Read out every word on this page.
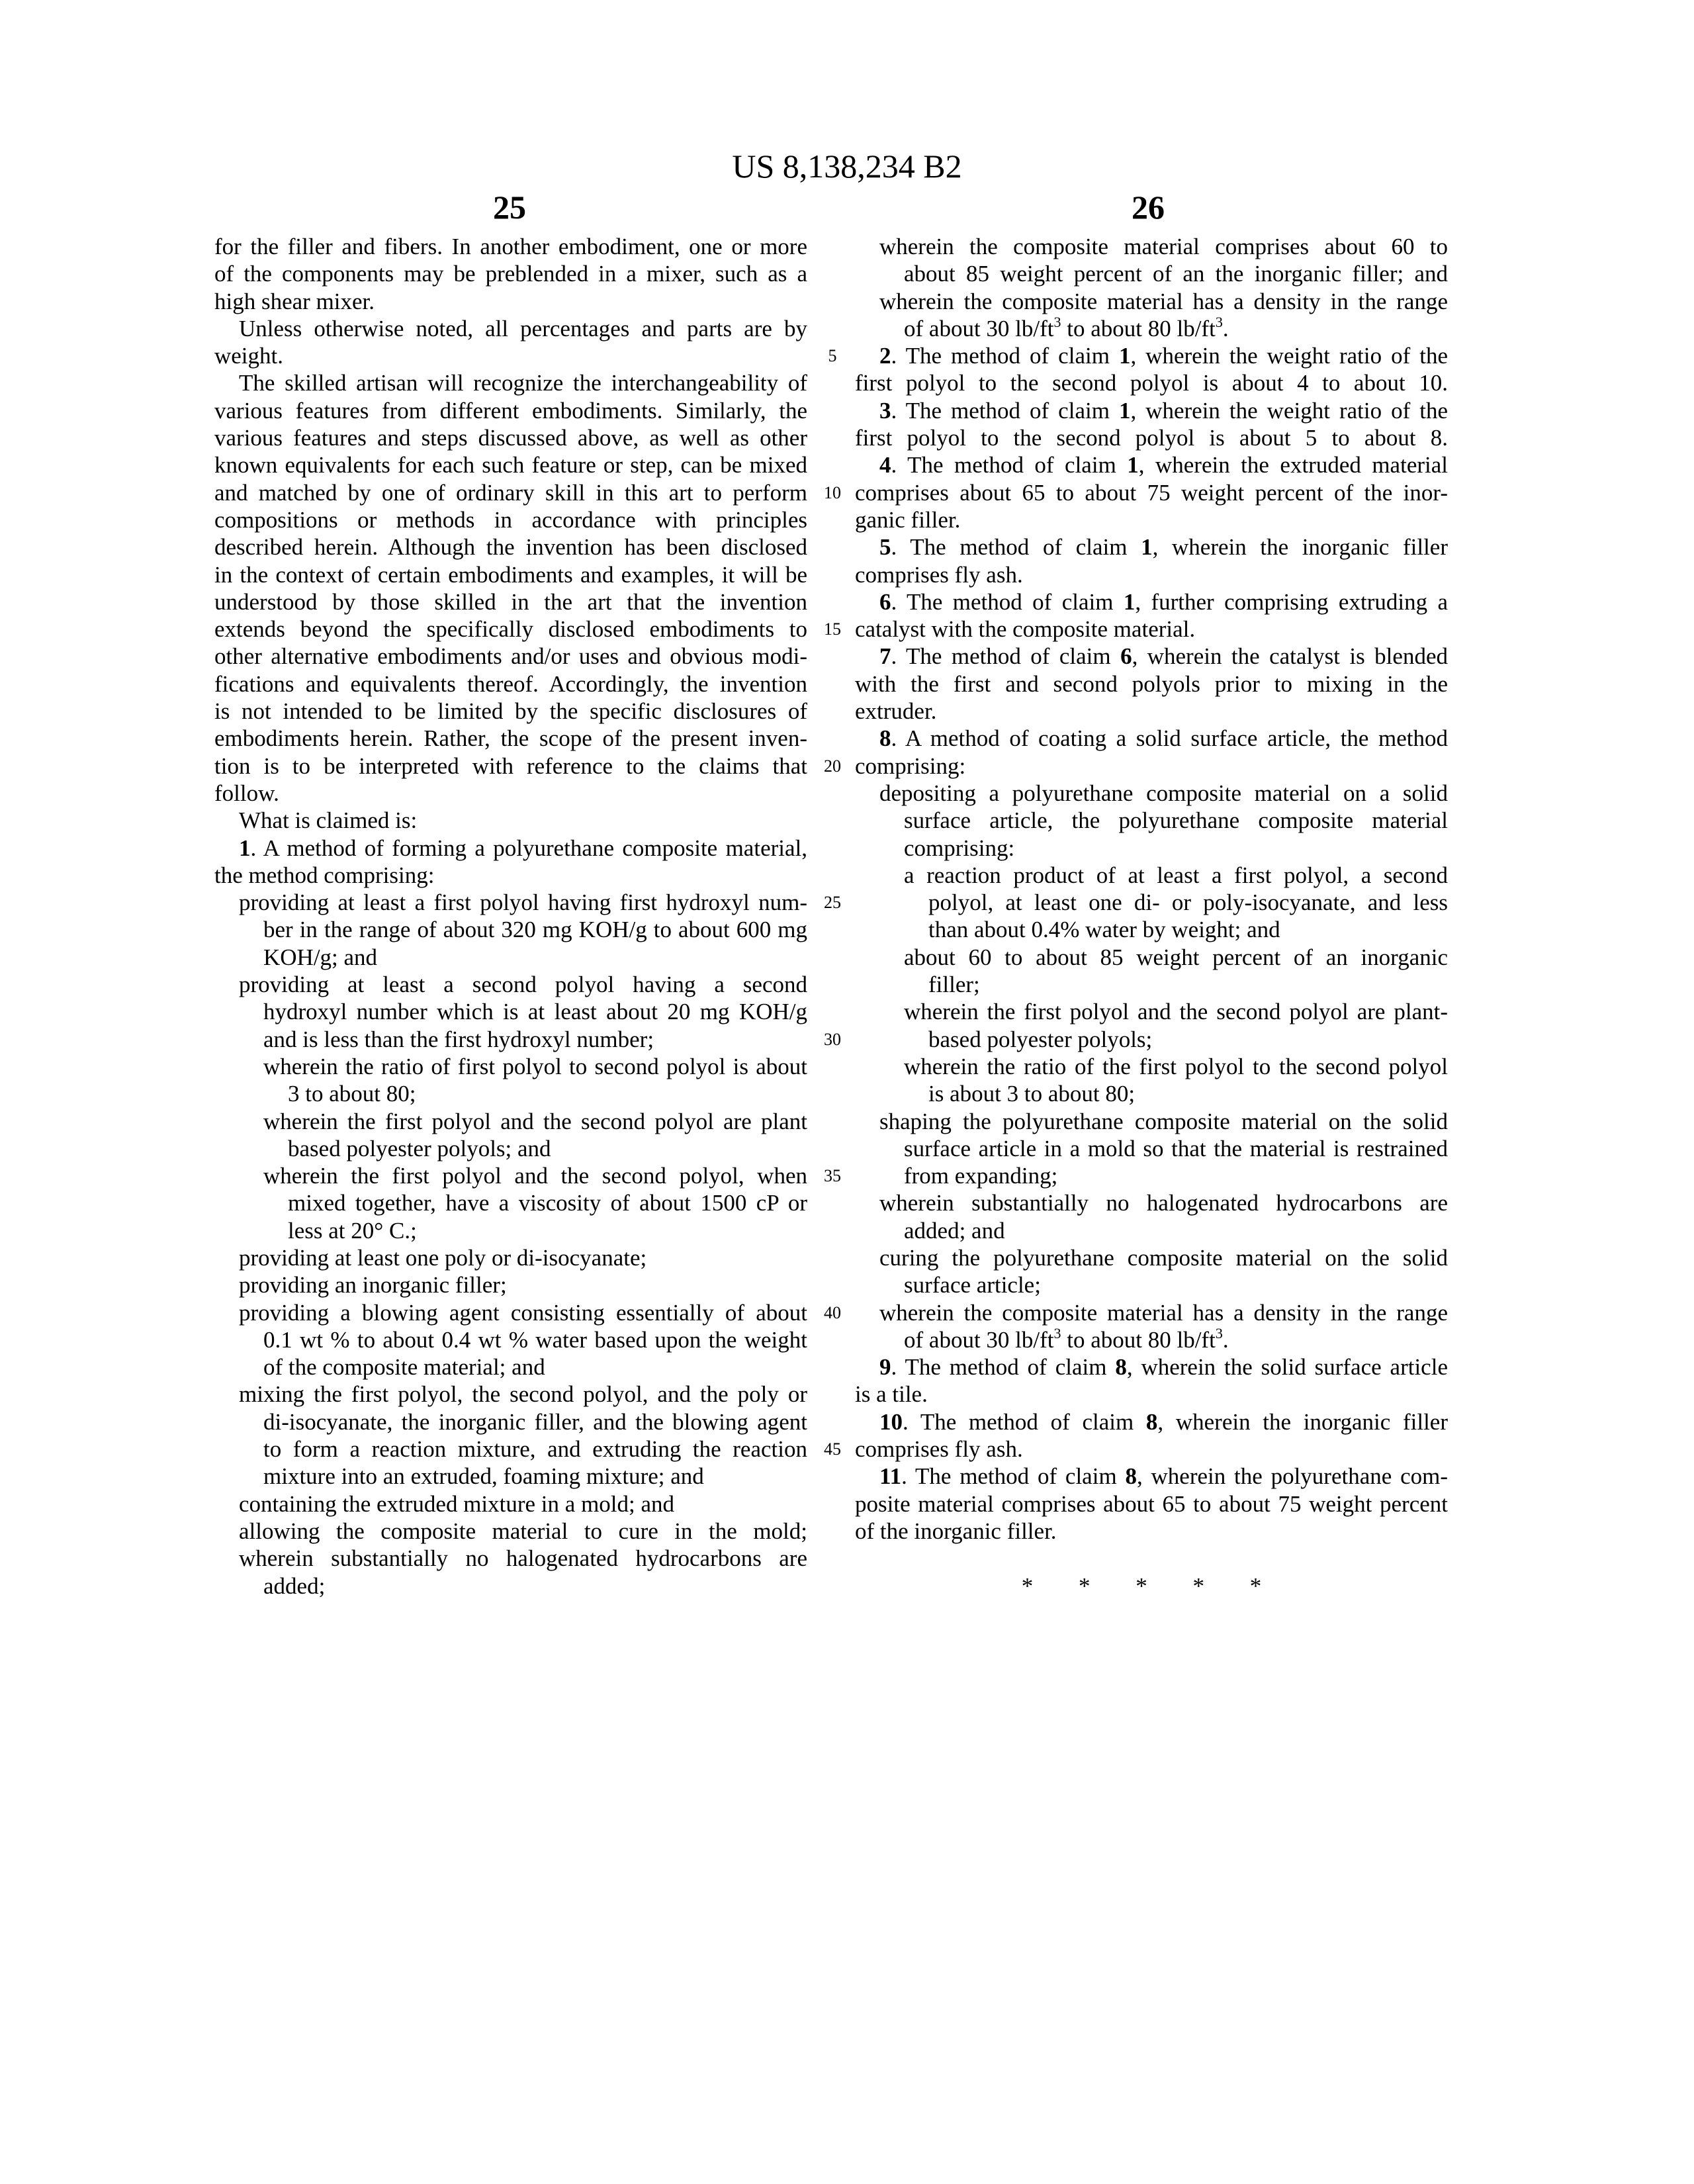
US 8,138,234 B2
25	26
for the filler and fibers. In another embodiment, one or more
of the components may be preblended in a mixer, such as a
high shear mixer.
Unless otherwise noted, all percentages and parts are by
weight.
The skilled artisan will recognize the interchangeability of
various features from different embodiments. Similarly, the
various features and steps discussed above, as well as other
known equivalents for each such feature or step, can be mixed
and matched by one of ordinary skill in this art to perform
compositions or methods in accordance with principles
described herein. Although the invention has been disclosed
in the context of certain embodiments and examples, it will be
understood by those skilled in the art that the invention
extends beyond the specifically disclosed embodiments to
other alternative embodiments and/or uses and obvious modi-
fications and equivalents thereof. Accordingly, the invention
is not intended to be limited by the specific disclosures of
embodiments herein. Rather, the scope of the present inven-
tion is to be interpreted with reference to the claims that
follow.
What is claimed is:
1. A method of forming a polyurethane composite material,
the method comprising:
providing at least a first polyol having first hydroxyl num-
ber in the range of about 320 mg KOH/g to about 600 mg
KOH/g; and
providing at least a second polyol having a second
hydroxyl number which is at least about 20 mg KOH/g
and is less than the first hydroxyl number;
wherein the ratio of first polyol to second polyol is about
3 to about 80;
wherein the first polyol and the second polyol are plant
based polyester polyols; and
wherein the first polyol and the second polyol, when
mixed together, have a viscosity of about 1500 cP or
less at 20° C.;
providing at least one poly or di-isocyanate;
providing an inorganic filler;
providing a blowing agent consisting essentially of about
0.1 wt % to about 0.4 wt % water based upon the weight
of the composite material; and
mixing the first polyol, the second polyol, and the poly or
di-isocyanate, the inorganic filler, and the blowing agent
to form a reaction mixture, and extruding the reaction
mixture into an extruded, foaming mixture; and
containing the extruded mixture in a mold; and
allowing the composite material to cure in the mold;
wherein substantially no halogenated hydrocarbons are
added;
wherein the composite material comprises about 60 to
about 85 weight percent of an the inorganic filler; and
wherein the composite material has a density in the range
of about 30 lb/ft3 to about 80 lb/ft3.
2. The method of claim 1, wherein the weight ratio of the
first polyol to the second polyol is about 4 to about 10.
3. The method of claim 1, wherein the weight ratio of the
first polyol to the second polyol is about 5 to about 8.
4. The method of claim 1, wherein the extruded material
comprises about 65 to about 75 weight percent of the inor-
ganic filler.
5. The method of claim 1, wherein the inorganic filler
comprises fly ash.
6. The method of claim 1, further comprising extruding a
catalyst with the composite material.
7. The method of claim 6, wherein the catalyst is blended
with the first and second polyols prior to mixing in the
extruder.
8. A method of coating a solid surface article, the method
comprising:
depositing a polyurethane composite material on a solid
surface article, the polyurethane composite material
comprising:
a reaction product of at least a first polyol, a second
polyol, at least one di- or poly-isocyanate, and less
than about 0.4% water by weight; and
about 60 to about 85 weight percent of an inorganic
filler;
wherein the first polyol and the second polyol are plant-
based polyester polyols;
wherein the ratio of the first polyol to the second polyol
is about 3 to about 80;
shaping the polyurethane composite material on the solid
surface article in a mold so that the material is restrained
from expanding;
wherein substantially no halogenated hydrocarbons are
added; and
curing the polyurethane composite material on the solid
surface article;
wherein the composite material has a density in the range
of about 30 lb/ft3 to about 80 lb/ft3.
9. The method of claim 8, wherein the solid surface article
is a tile.
10. The method of claim 8, wherein the inorganic filler
comprises fly ash.
11. The method of claim 8, wherein the polyurethane com-
posite material comprises about 65 to about 75 weight percent
of the inorganic filler.
* * * * *
5
10
15
20
25
30
35
40
45
